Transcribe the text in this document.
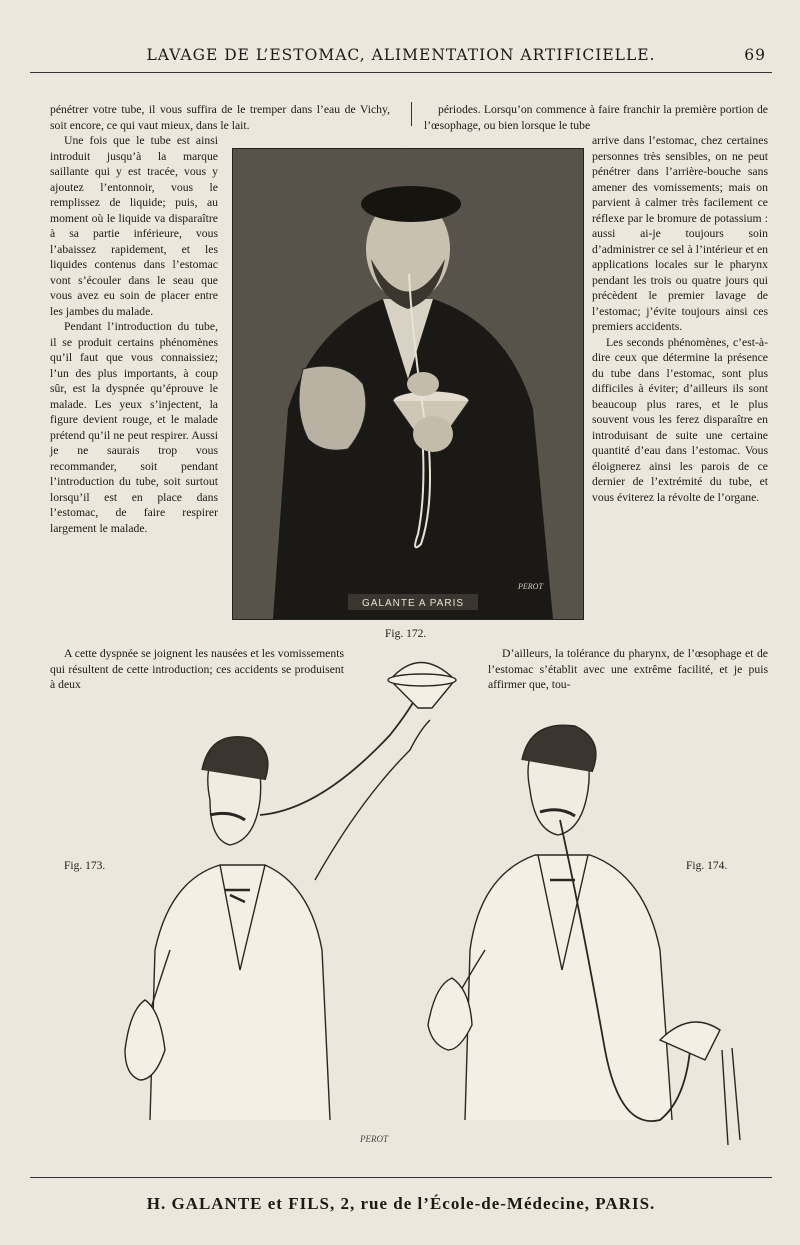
LAVAGE DE L’ESTOMAC, ALIMENTATION ARTIFICIELLE.	69

pénétrer votre tube, il vous suffira de le tremper dans l’eau de Vichy, soit encore, ce qui vaut mieux, dans le lait.

périodes. Lorsqu’on commence à faire franchir la première portion de l’œsophage, ou bien lorsque le tube

Une fois que le tube est ainsi introduit jusqu’à la marque saillante qui y est tracée, vous y ajoutez l’entonnoir, vous le remplissez de liquide; puis, au moment où le liquide va disparaître à sa partie inférieure, vous l’abaissez rapidement, et les liquides contenus dans l’estomac vont s’écouler dans le seau que vous avez eu soin de placer entre les jambes du malade.

Pendant l’introduction du tube, il se produit certains phénomènes qu’il faut que vous connaissiez; l’un des plus importants, à coup sûr, est la dyspnée qu’éprouve le malade. Les yeux s’injectent, la figure devient rouge, et le malade prétend qu’il ne peut respirer. Aussi je ne saurais trop vous recommander, soit pendant l’introduction du tube, soit surtout lorsqu’il est en place dans l’estomac, de faire respirer largement le malade.

GALANTE A PARIS
PEROT
Fig. 172.

arrive dans l’estomac, chez certaines personnes très sensibles, on ne peut pénétrer dans l’arrière-bouche sans amener des vomissements; mais on parvient à calmer très facilement ce réflexe par le bromure de potassium : aussi ai-je toujours soin d’administrer ce sel à l’intérieur et en applications locales sur le pharynx pendant les trois ou quatre jours qui précèdent le premier lavage de l’estomac; j’évite toujours ainsi ces premiers accidents.

Les seconds phénomènes, c’est-à-dire ceux que détermine la présence du tube dans l’estomac, sont plus difficiles à éviter; d’ailleurs ils sont beaucoup plus rares, et le plus souvent vous les ferez disparaître en introduisant de suite une certaine quantité d’eau dans l’estomac. Vous éloignerez ainsi les parois de ce dernier de l’extrémité du tube, et vous éviterez la révolte de l’organe.

A cette dyspnée se joignent les nausées et les vomissements qui résultent de cette introduction; ces accidents se produisent à deux

D’ailleurs, la tolérance du pharynx, de l’œsophage et de l’estomac s’établit avec une extrême facilité, et je puis affirmer que, tou-

Fig. 173.	Fig. 174.
PEROT
H. GALANTE et FILS, 2, rue de l’École-de-Médecine, PARIS.
